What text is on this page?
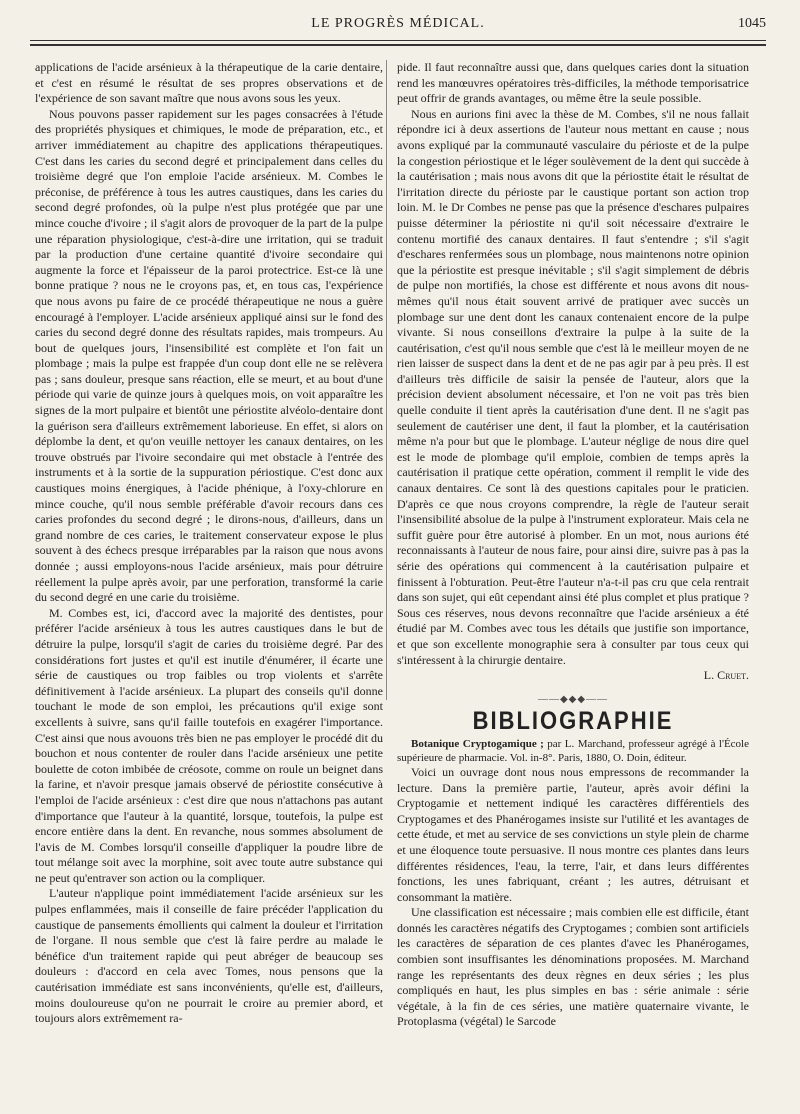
LE PROGRÈS MÉDICAL.	1045

applications de l'acide arsénieux à la thérapeutique de la carie dentaire, et c'est en résumé le résultat de ses propres observations et de l'expérience de son savant maître que nous avons sous les yeux.

Nous pouvons passer rapidement sur les pages consacrées à l'étude des propriétés physiques et chimiques, le mode de préparation, etc., et arriver immédiatement au chapitre des applications thérapeutiques. C'est dans les caries du second degré et principalement dans celles du troisième degré que l'on emploie l'acide arsénieux. M. Combes le préconise, de préférence à tous les autres caustiques, dans les caries du second degré profondes, où la pulpe n'est plus protégée que par une mince couche d'ivoire ; il s'agit alors de provoquer de la part de la pulpe une réparation physiologique, c'est-à-dire une irritation, qui se traduit par la production d'une certaine quantité d'ivoire secondaire qui augmente la force et l'épaisseur de la paroi protectrice. Est-ce là une bonne pratique ? nous ne le croyons pas, et, en tous cas, l'expérience que nous avons pu faire de ce procédé thérapeutique ne nous a guère encouragé à l'employer. L'acide arsénieux appliqué ainsi sur le fond des caries du second degré donne des résultats rapides, mais trompeurs. Au bout de quelques jours, l'insensibilité est complète et l'on fait un plombage ; mais la pulpe est frappée d'un coup dont elle ne se relèvera pas ; sans douleur, presque sans réaction, elle se meurt, et au bout d'une période qui varie de quinze jours à quelques mois, on voit apparaître les signes de la mort pulpaire et bientôt une périostite alvéolo-dentaire dont la guérison sera d'ailleurs extrêmement laborieuse. En effet, si alors on déplombe la dent, et qu'on veuille nettoyer les canaux dentaires, on les trouve obstrués par l'ivoire secondaire qui met obstacle à l'entrée des instruments et à la sortie de la suppuration périostique. C'est donc aux caustiques moins énergiques, à l'acide phénique, à l'oxy-chlorure en mince couche, qu'il nous semble préférable d'avoir recours dans ces caries profondes du second degré ; le dirons-nous, d'ailleurs, dans un grand nombre de ces caries, le traitement conservateur expose le plus souvent à des échecs presque irréparables par la raison que nous avons donnée ; aussi employons-nous l'acide arsénieux, mais pour détruire réellement la pulpe après avoir, par une perforation, transformé la carie du second degré en une carie du troisième.

M. Combes est, ici, d'accord avec la majorité des dentistes, pour préférer l'acide arsénieux à tous les autres caustiques dans le but de détruire la pulpe, lorsqu'il s'agit de caries du troisième degré. Par des considérations fort justes et qu'il est inutile d'énumérer, il écarte une série de caustiques ou trop faibles ou trop violents et s'arrête définitivement à l'acide arsénieux. La plupart des conseils qu'il donne touchant le mode de son emploi, les précautions qu'il exige sont excellents à suivre, sans qu'il faille toutefois en exagérer l'importance. C'est ainsi que nous avouons très bien ne pas employer le procédé dit du bouchon et nous contenter de rouler dans l'acide arsénieux une petite boulette de coton imbibée de créosote, comme on roule un beignet dans la farine, et n'avoir presque jamais observé de périostite consécutive à l'emploi de l'acide arsénieux : c'est dire que nous n'attachons pas autant d'importance que l'auteur à la quantité, lorsque, toutefois, la pulpe est encore entière dans la dent. En revanche, nous sommes absolument de l'avis de M. Combes lorsqu'il conseille d'appliquer la poudre libre de tout mélange soit avec la morphine, soit avec toute autre substance qui ne peut qu'entraver son action ou la compliquer.

L'auteur n'applique point immédiatement l'acide arsénieux sur les pulpes enflammées, mais il conseille de faire précéder l'application du caustique de pansements émollients qui calment la douleur et l'irritation de l'organe. Il nous semble que c'est là faire perdre au malade le bénéfice d'un traitement rapide qui peut abréger de beaucoup ses douleurs : d'accord en cela avec Tomes, nous pensons que la cautérisation immédiate est sans inconvénients, qu'elle est, d'ailleurs, moins douloureuse qu'on ne pourrait le croire au premier abord, et toujours alors extrêmement ra-

pide. Il faut reconnaître aussi que, dans quelques caries dont la situation rend les manœuvres opératoires très-difficiles, la méthode temporisatrice peut offrir de grands avantages, ou même être la seule possible.

Nous en aurions fini avec la thèse de M. Combes, s'il ne nous fallait répondre ici à deux assertions de l'auteur nous mettant en cause ; nous avons expliqué par la communauté vasculaire du périoste et de la pulpe la congestion périostique et le léger soulèvement de la dent qui succède à la cautérisation ; mais nous avons dit que la périostite était le résultat de l'irritation directe du périoste par le caustique portant son action trop loin. M. le Dr Combes ne pense pas que la présence d'eschares pulpaires puisse déterminer la périostite ni qu'il soit nécessaire d'extraire le contenu mortifié des canaux dentaires. Il faut s'entendre ; s'il s'agit d'eschares renfermées sous un plombage, nous maintenons notre opinion que la périostite est presque inévitable ; s'il s'agit simplement de débris de pulpe non mortifiés, la chose est différente et nous avons dit nous-mêmes qu'il nous était souvent arrivé de pratiquer avec succès un plombage sur une dent dont les canaux contenaient encore de la pulpe vivante. Si nous conseillons d'extraire la pulpe à la suite de la cautérisation, c'est qu'il nous semble que c'est là le meilleur moyen de ne rien laisser de suspect dans la dent et de ne pas agir par à peu près. Il est d'ailleurs très difficile de saisir la pensée de l'auteur, alors que la précision devient absolument nécessaire, et l'on ne voit pas très bien quelle conduite il tient après la cautérisation d'une dent. Il ne s'agit pas seulement de cautériser une dent, il faut la plomber, et la cautérisation même n'a pour but que le plombage. L'auteur néglige de nous dire quel est le mode de plombage qu'il emploie, combien de temps après la cautérisation il pratique cette opération, comment il remplit le vide des canaux dentaires. Ce sont là des questions capitales pour le praticien. D'après ce que nous croyons comprendre, la règle de l'auteur serait l'insensibilité absolue de la pulpe à l'instrument explorateur. Mais cela ne suffit guère pour être autorisé à plomber. En un mot, nous aurions été reconnaissants à l'auteur de nous faire, pour ainsi dire, suivre pas à pas la série des opérations qui commencent à la cautérisation pulpaire et finissent à l'obturation. Peut-être l'auteur n'a-t-il pas cru que cela rentrait dans son sujet, qui eût cependant ainsi été plus complet et plus pratique ? Sous ces réserves, nous devons reconnaître que l'acide arsénieux a été étudié par M. Combes avec tous les détails que justifie son importance, et que son excellente monographie sera à consulter par tous ceux qui s'intéressent à la chirurgie dentaire.

L. Cruet.

——◆◆◆——
BIBLIOGRAPHIE

Botanique Cryptogamique ; par L. Marchand, professeur agrégé à l'École supérieure de pharmacie. Vol. in-8°. Paris, 1880, O. Doin, éditeur.

Voici un ouvrage dont nous nous empressons de recommander la lecture. Dans la première partie, l'auteur, après avoir défini la Cryptogamie et nettement indiqué les caractères différentiels des Cryptogames et des Phanérogames insiste sur l'utilité et les avantages de cette étude, et met au service de ses convictions un style plein de charme et une éloquence toute persuasive. Il nous montre ces plantes dans leurs différentes résidences, l'eau, la terre, l'air, et dans leurs différentes fonctions, les unes fabriquant, créant ; les autres, détruisant et consommant la matière.

Une classification est nécessaire ; mais combien elle est difficile, étant donnés les caractères négatifs des Cryptogames ; combien sont artificiels les caractères de séparation de ces plantes d'avec les Phanérogames, combien sont insuffisantes les dénominations proposées. M. Marchand range les représentants des deux règnes en deux séries ; les plus compliqués en haut, les plus simples en bas : série animale : série végétale, à la fin de ces séries, une matière quaternaire vivante, le Protoplasma (végétal) le Sarcode
